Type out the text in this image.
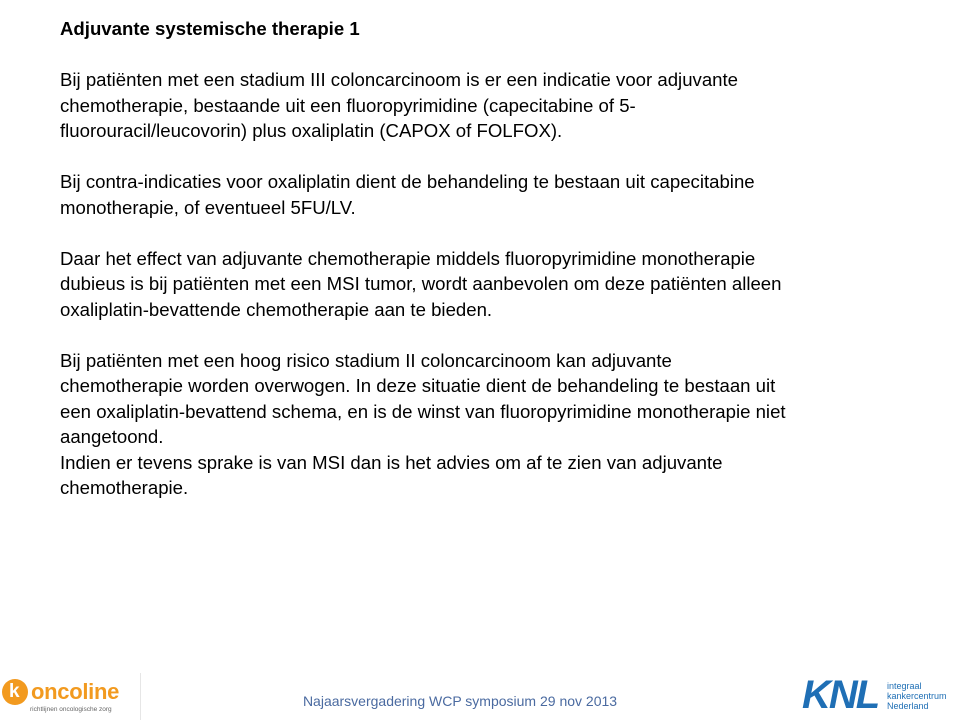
Adjuvante systemische therapie 1
Bij patiënten met een stadium III coloncarcinoom is er een indicatie voor adjuvante
chemotherapie, bestaande uit een fluoropyrimidine (capecitabine of 5-
fluorouracil/leucovorin) plus oxaliplatin (CAPOX of FOLFOX).
Bij contra-indicaties voor oxaliplatin dient de behandeling te bestaan uit capecitabine
monotherapie, of eventueel 5FU/LV.
Daar het effect van adjuvante chemotherapie middels fluoropyrimidine monotherapie
dubieus is bij patiënten met een MSI tumor, wordt aanbevolen om deze patiënten alleen
oxaliplatin-bevattende chemotherapie aan te bieden.
Bij patiënten met een hoog risico stadium II coloncarcinoom kan adjuvante
chemotherapie worden overwogen. In deze situatie dient de behandeling te bestaan uit
een oxaliplatin-bevattend schema, en is de winst van fluoropyrimidine monotherapie niet
aangetoond.
Indien er tevens sprake is van MSI dan is het advies om af te zien van adjuvante
chemotherapie.
k oncoline
richtlijnen oncologische zorg
Najaarsvergadering WCP symposium 29 nov 2013	KNL integraal
kankercentrum
Nederland
